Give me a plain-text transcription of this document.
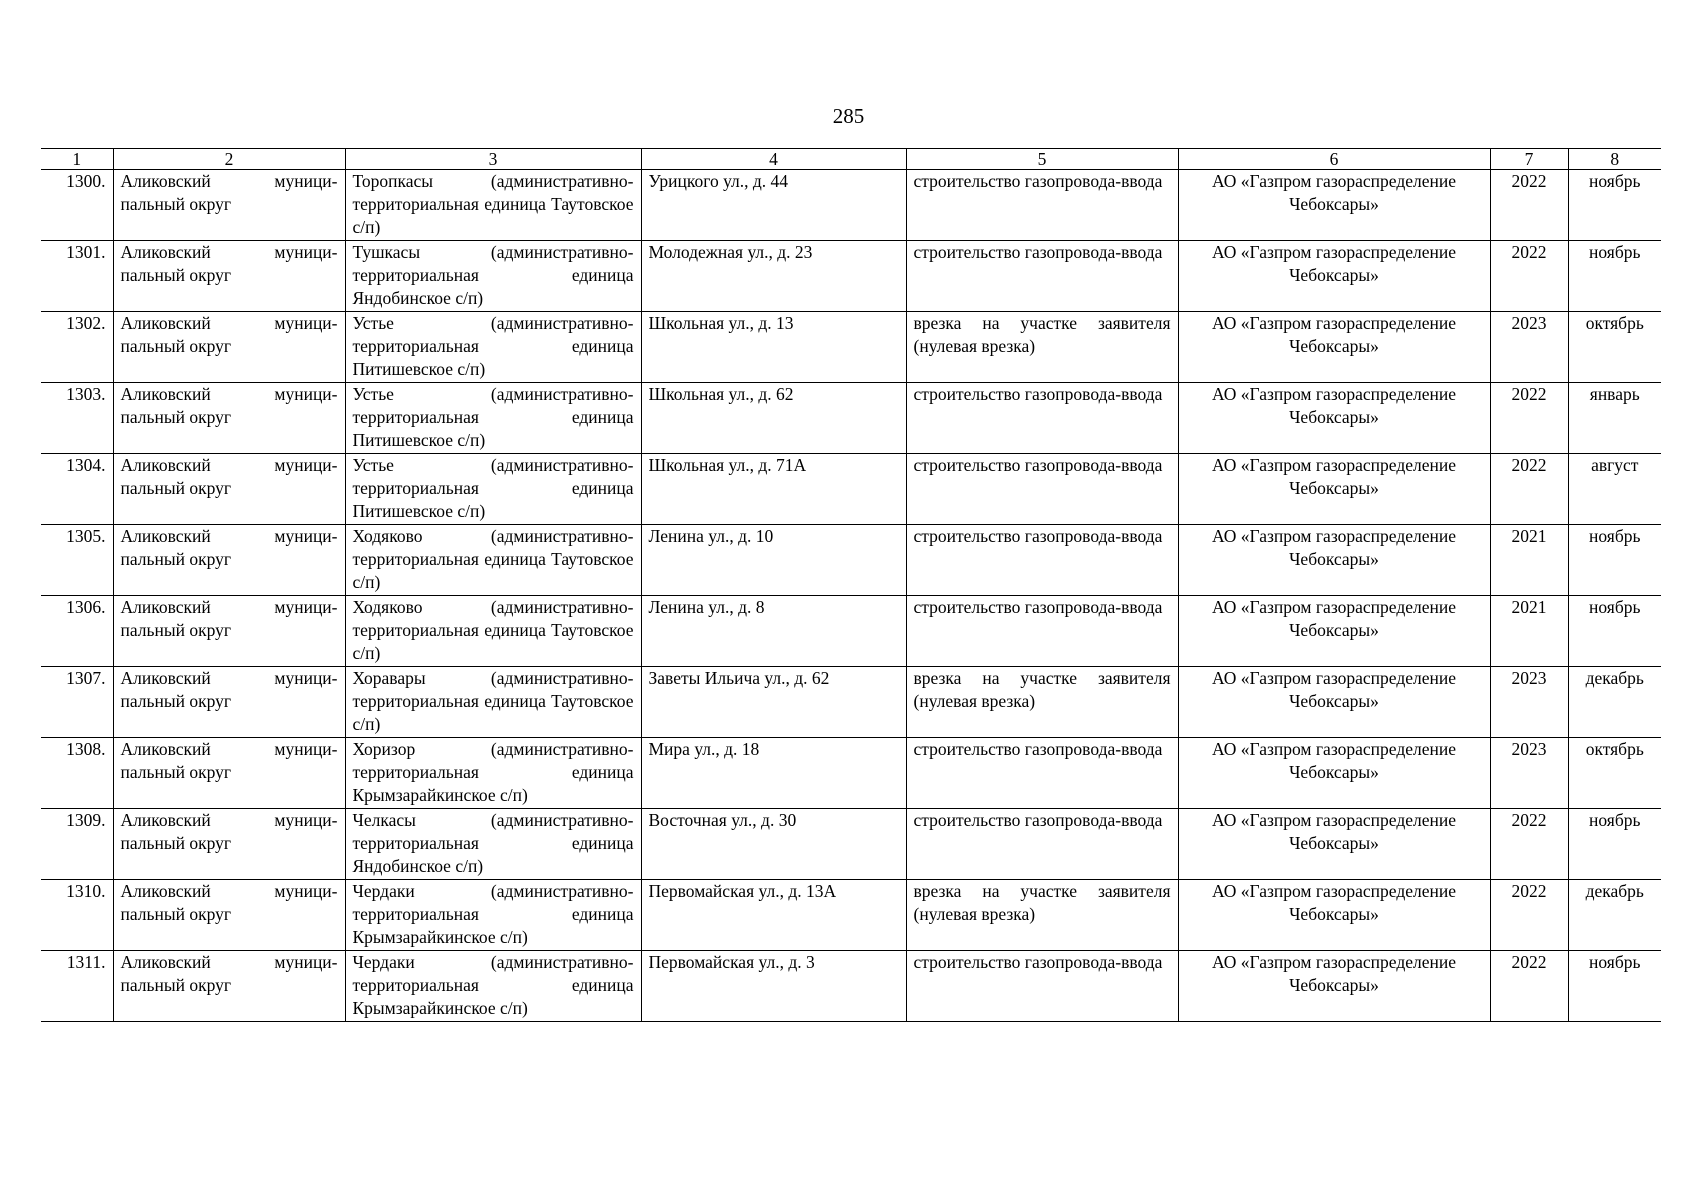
285
1	2	3	4	5	6	7	8
1300.	Аликовский муници-пальный округ	Торопкасы (административно-территориальная единица Таутовское с/п)	Урицкого ул., д. 44	строительство газопровода-ввода	АО «Газпром газораспределение Чебоксары»	2022	ноябрь
1301.	Аликовский муници-пальный округ	Тушкасы (административно-территориальная единица Яндобинское с/п)	Молодежная ул., д. 23	строительство газопровода-ввода	АО «Газпром газораспределение Чебоксары»	2022	ноябрь
1302.	Аликовский муници-пальный округ	Устье (административно-территориальная единица Питишевское с/п)	Школьная ул., д. 13	врезка на участке заявителя (нулевая врезка)	АО «Газпром газораспределение Чебоксары»	2023	октябрь
1303.	Аликовский муници-пальный округ	Устье (административно-территориальная единица Питишевское с/п)	Школьная ул., д. 62	строительство газопровода-ввода	АО «Газпром газораспределение Чебоксары»	2022	январь
1304.	Аликовский муници-пальный округ	Устье (административно-территориальная единица Питишевское с/п)	Школьная ул., д. 71А	строительство газопровода-ввода	АО «Газпром газораспределение Чебоксары»	2022	август
1305.	Аликовский муници-пальный округ	Ходяково (административно-территориальная единица Таутовское с/п)	Ленина ул., д. 10	строительство газопровода-ввода	АО «Газпром газораспределение Чебоксары»	2021	ноябрь
1306.	Аликовский муници-пальный округ	Ходяково (административно-территориальная единица Таутовское с/п)	Ленина ул., д. 8	строительство газопровода-ввода	АО «Газпром газораспределение Чебоксары»	2021	ноябрь
1307.	Аликовский муници-пальный округ	Хоравары (административно-территориальная единица Таутовское с/п)	Заветы Ильича ул., д. 62	врезка на участке заявителя (нулевая врезка)	АО «Газпром газораспределение Чебоксары»	2023	декабрь
1308.	Аликовский муници-пальный округ	Хоризор (административно-территориальная единица Крымзарайкинское с/п)	Мира ул., д. 18	строительство газопровода-ввода	АО «Газпром газораспределение Чебоксары»	2023	октябрь
1309.	Аликовский муници-пальный округ	Челкасы (административно-территориальная единица Яндобинское с/п)	Восточная ул., д. 30	строительство газопровода-ввода	АО «Газпром газораспределение Чебоксары»	2022	ноябрь
1310.	Аликовский муници-пальный округ	Чердаки (административно-территориальная единица Крымзарайкинское с/п)	Первомайская ул., д. 13А	врезка на участке заявителя (нулевая врезка)	АО «Газпром газораспределение Чебоксары»	2022	декабрь
1311.	Аликовский муници-пальный округ	Чердаки (административно-территориальная единица Крымзарайкинское с/п)	Первомайская ул., д. 3	строительство газопровода-ввода	АО «Газпром газораспределение Чебоксары»	2022	ноябрь
